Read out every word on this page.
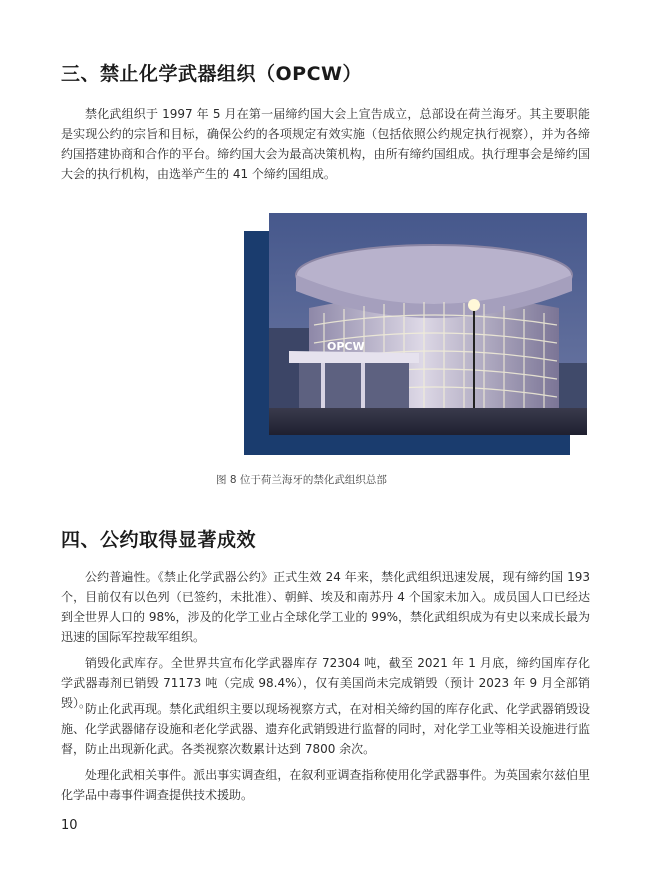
三、禁止化学武器组织（OPCW）

禁化武组织于 1997 年 5 月在第一届缔约国大会上宣告成立，总部设在荷兰海牙。其主要职能是实现公约的宗旨和目标，确保公约的各项规定有效实施（包括依照公约规定执行视察），并为各缔约国搭建协商和合作的平台。缔约国大会为最高决策机构，由所有缔约国组成。执行理事会是缔约国大会的执行机构，由选举产生的 41 个缔约国组成。

OPCW

图 8 位于荷兰海牙的禁化武组织总部

四、公约取得显著成效

公约普遍性。《禁止化学武器公约》正式生效 24 年来，禁化武组织迅速发展，现有缔约国 193 个，目前仅有以色列（已签约，未批准）、朝鲜、埃及和南苏丹 4 个国家未加入。成员国人口已经达到全世界人口的 98%，涉及的化学工业占全球化学工业的 99%，禁化武组织成为有史以来成长最为迅速的国际军控裁军组织。

销毁化武库存。全世界共宣布化学武器库存 72304 吨，截至 2021 年 1 月底，缔约国库存化学武器毒剂已销毁 71173 吨（完成 98.4%），仅有美国尚未完成销毁（预计 2023 年 9 月全部销毁）。

防止化武再现。禁化武组织主要以现场视察方式，在对相关缔约国的库存化武、化学武器销毁设施、化学武器储存设施和老化学武器、遗弃化武销毁进行监督的同时，对化学工业等相关设施进行监督，防止出现新化武。各类视察次数累计达到 7800 余次。

处理化武相关事件。派出事实调查组，在叙利亚调查指称使用化学武器事件。为英国索尔兹伯里化学品中毒事件调查提供技术援助。

10
